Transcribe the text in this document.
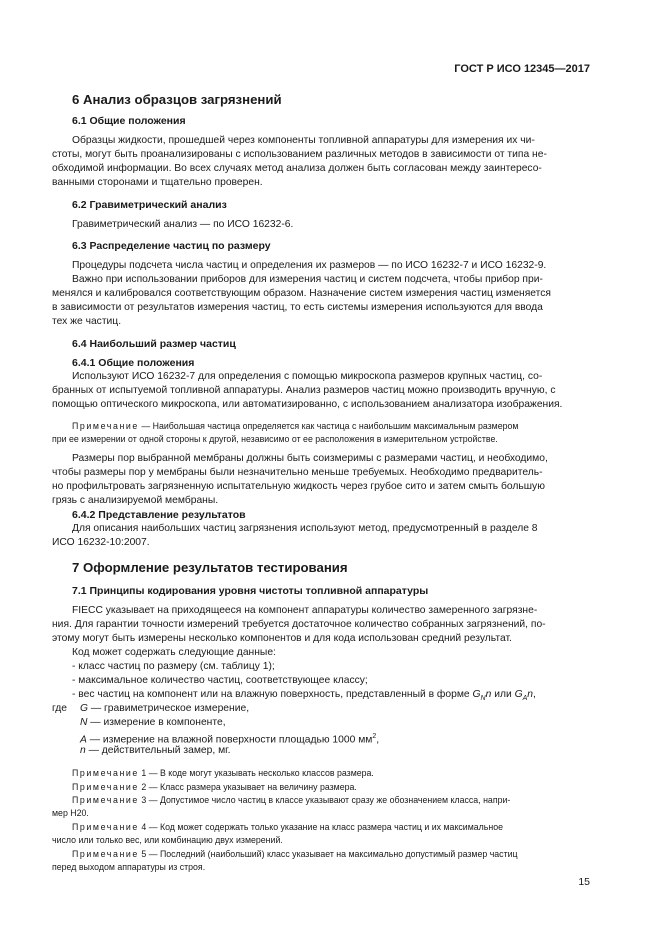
ГОСТ Р ИСО 12345—2017
6 Анализ образцов загрязнений
6.1 Общие положения
Образцы жидкости, прошедшей через компоненты топливной аппаратуры для измерения их чи-
стоты, могут быть проанализированы с использованием различных методов в зависимости от типа не-
обходимой информации. Во всех случаях метод анализа должен быть согласован между заинтересо-
ванными сторонами и тщательно проверен.
6.2 Гравиметрический анализ
Гравиметрический анализ — по ИСО 16232-6.
6.3 Распределение частиц по размеру
Процедуры подсчета числа частиц и определения их размеров — по ИСО 16232-7 и ИСО 16232-9.
Важно при использовании приборов для измерения частиц и систем подсчета, чтобы прибор при-
менялся и калибровался соответствующим образом. Назначение систем измерения частиц изменяется
в зависимости от результатов измерения частиц, то есть системы измерения используются для ввода
тех же частиц.
6.4 Наибольший размер частиц
6.4.1 Общие положения
Используют ИСО 16232-7 для определения с помощью микроскопа размеров крупных частиц, со-
бранных от испытуемой топливной аппаратуры. Анализ размеров частиц можно производить вручную, с
помощью оптического микроскопа, или автоматизированно, с использованием анализатора изображения.
Примечание — Наибольшая частица определяется как частица с наибольшим максимальным размером
при ее измерении от одной стороны к другой, независимо от ее расположения в измерительном устройстве.
Размеры пор выбранной мембраны должны быть соизмеримы с размерами частиц, и необходимо,
чтобы размеры пор у мембраны были незначительно меньше требуемых. Необходимо предваритель-
но профильтровать загрязненную испытательную жидкость через грубое сито и затем смыть большую
грязь с анализируемой мембраны.
6.4.2 Представление результатов
Для описания наибольших частиц загрязнения используют метод, предусмотренный в разделе 8
ИСО 16232-10:2007.
7 Оформление результатов тестирования
7.1 Принципы кодирования уровня чистоты топливной аппаратуры
FIECC указывает на приходящееся на компонент аппаратуры количество замеренного загрязне-
ния. Для гарантии точности измерений требуется достаточное количество собранных загрязнений, по-
этому могут быть измерены несколько компонентов и для кода использован средний результат.
Код может содержать следующие данные:
- класс частиц по размеру (см. таблицу 1);
- максимальное количество частиц, соответствующее классу;
- вес частиц на компонент или на влажную поверхность, представленный в форме $G_Nn$ или $G_An$,
где G — гравиметрическое измерение,
N — измерение в компоненте,
A — измерение на влажной поверхности площадью 1000 $мм^2$,
n — действительный замер, мг.
Примечание 1 — В коде могут указывать несколько классов размера.
Примечание 2 — Класс размера указывает на величину размера.
Примечание 3 — Допустимое число частиц в классе указывают сразу же обозначением класса, напри-
мер H20.
Примечание 4 — Код может содержать только указание на класс размера частиц и их максимальное
число или только вес, или комбинацию двух измерений.
Примечание 5 — Последний (наибольший) класс указывает на максимально допустимый размер частиц
перед выходом аппаратуры из строя.
15
